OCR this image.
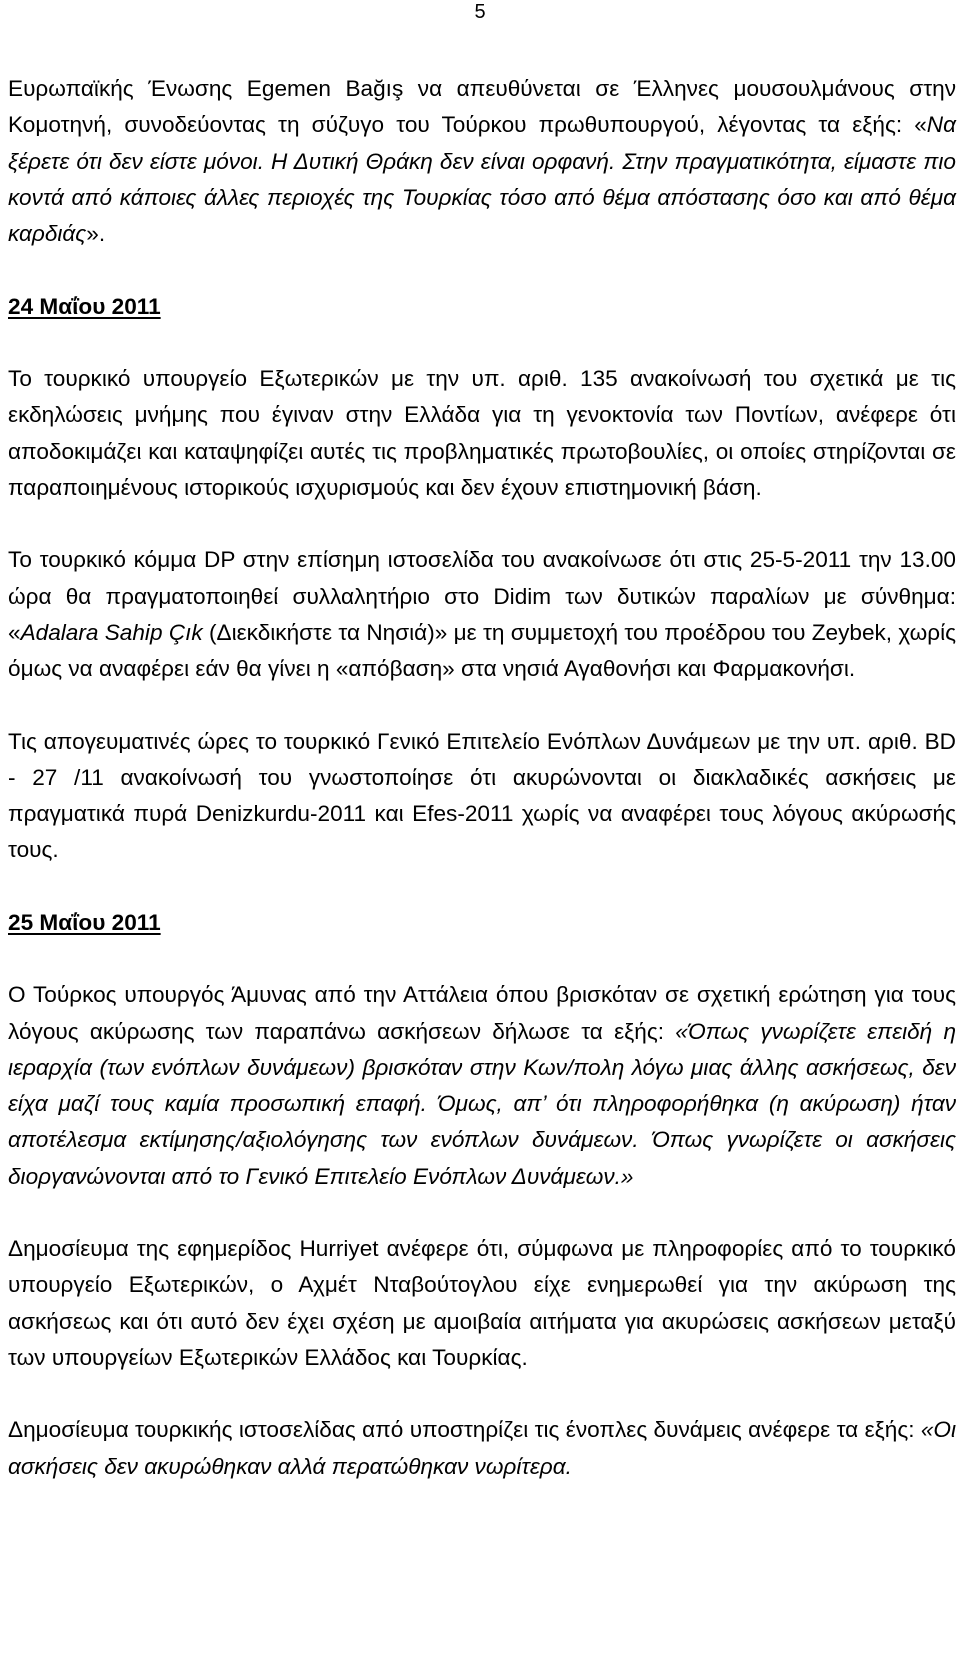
5

Ευρωπαϊκής Ένωσης Egemen Bağış να απευθύνεται σε Έλληνες μουσουλμάνους στην Κομοτηνή, συνοδεύοντας τη σύζυγο του Τούρκου πρωθυπουργού, λέγοντας τα εξής: «Να ξέρετε ότι δεν είστε μόνοι. Η Δυτική Θράκη δεν είναι ορφανή. Στην πραγματικότητα, είμαστε πιο κοντά από κάποιες άλλες περιοχές της Τουρκίας τόσο από θέμα απόστασης όσο και από θέμα καρδιάς».

24 Μαΐου 2011

Το τουρκικό υπουργείο Εξωτερικών με την υπ. αριθ. 135 ανακοίνωσή του σχετικά με τις εκδηλώσεις μνήμης που έγιναν στην Ελλάδα για τη γενοκτονία των Ποντίων, ανέφερε ότι αποδοκιμάζει και καταψηφίζει αυτές τις προβληματικές πρωτοβουλίες, οι οποίες στηρίζονται σε παραποιημένους ιστορικούς ισχυρισμούς και δεν έχουν επιστημονική βάση.

Το τουρκικό κόμμα DP στην επίσημη ιστοσελίδα του ανακοίνωσε ότι στις 25-5-2011 την 13.00 ώρα θα πραγματοποιηθεί συλλαλητήριο στο Didim των δυτικών παραλίων με σύνθημα: «Adalara Sahip Çık (Διεκδικήστε τα Νησιά)» με τη συμμετοχή του προέδρου του Zeybek, χωρίς όμως να αναφέρει εάν θα γίνει η «απόβαση» στα νησιά Αγαθονήσι και Φαρμακονήσι.

Τις απογευματινές ώρες το τουρκικό Γενικό Επιτελείο Ενόπλων Δυνάμεων με την υπ. αριθ. BD - 27 /11 ανακοίνωσή του γνωστοποίησε ότι ακυρώνονται οι διακλαδικές ασκήσεις με πραγματικά πυρά Denizkurdu-2011 και Efes-2011 χωρίς να αναφέρει τους λόγους ακύρωσής τους.

25 Μαΐου 2011

Ο Τούρκος υπουργός Άμυνας από την Αττάλεια όπου βρισκόταν σε σχετική ερώτηση για τους λόγους ακύρωσης των παραπάνω ασκήσεων δήλωσε τα εξής: «Όπως γνωρίζετε επειδή η ιεραρχία (των ενόπλων δυνάμεων) βρισκόταν στην Κων/πολη λόγω μιας άλλης ασκήσεως, δεν είχα μαζί τους καμία προσωπική επαφή. Όμως, απ’ ότι πληροφορήθηκα (η ακύρωση) ήταν αποτέλεσμα εκτίμησης/αξιολόγησης των ενόπλων δυνάμεων. Όπως γνωρίζετε οι ασκήσεις διοργανώνονται από το Γενικό Επιτελείο Ενόπλων Δυνάμεων.»

Δημοσίευμα της εφημερίδος Hurriyet ανέφερε ότι, σύμφωνα με πληροφορίες από το τουρκικό υπουργείο Εξωτερικών, ο Αχμέτ Νταβούτογλου είχε ενημερωθεί για την ακύρωση της ασκήσεως και ότι αυτό δεν έχει σχέση με αμοιβαία αιτήματα για ακυρώσεις ασκήσεων μεταξύ των υπουργείων Εξωτερικών Ελλάδος και Τουρκίας.

Δημοσίευμα τουρκικής ιστοσελίδας από υποστηρίζει τις ένοπλες δυνάμεις ανέφερε τα εξής: «Οι ασκήσεις δεν ακυρώθηκαν αλλά περατώθηκαν νωρίτερα.
